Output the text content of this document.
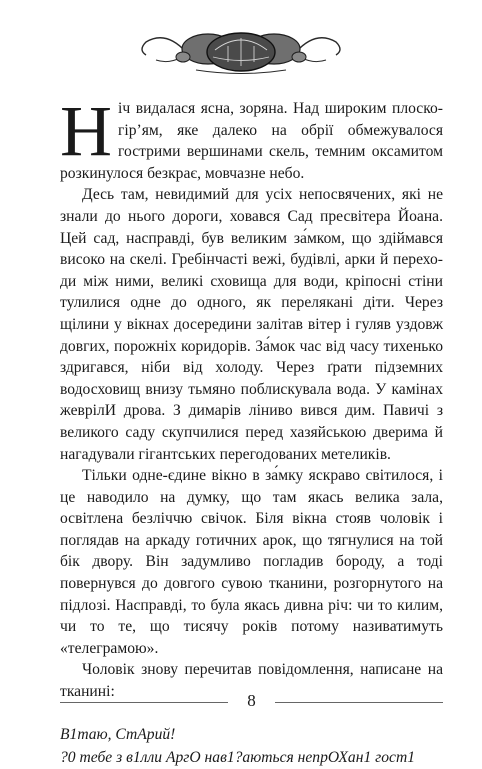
Ніч видалася ясна, зоряна. Над широким плоскогір’ям, яке далеко на обрії обмежувалося гострими вершинами скель, темним оксамитом розкинулося безкрає, мовчазне небо.

Десь там, невидимий для усіх непосвячених, які не знали до нього дороги, ховався Сад пресвітера Йоана. Цей сад, насправді, був великим за́мком, що здіймався високо на скелі. Гребінчасті вежі, будівлі, арки й переходи між ними, великі сховища для води, кріпосні стіни тулилися одне до одного, як перелякані діти. Через щілини у вікнах досередини залітав вітер і гуляв уздовж довгих, порожніх коридорів. За́мок час від часу тихенько здригався, ніби від холоду. Через ґрати підземних водосховищ внизу тьмяно поблискувала вода. У камінах жеврілИ дрова. З димарів ліниво вився дим. Павичі з великого саду скупчилися перед хазяйською дверима й нагадували гігантських перегодованих метеликів.

Тільки одне-єдине вікно в за́мку яскраво світилося, і це наводило на думку, що там якась велика зала, освітлена безліччю свічок. Біля вікна стояв чоловік і поглядав на аркаду готичних арок, що тягнулися на той бік двору. Він задумливо погладив бороду, а тоді повернувся до довгого сувою тканини, розгорнутого на підлозі. Насправді, то була якась дивна річ: чи то килим, чи то те, що тисячу років потому називатимуть «телеграмою».

Чоловік знову перечитав повідомлення, написане на тканині:

В1таю, СтАрий!
?0 тебе з в1лли АргО нав1?аються непрОХан1 гост1
8
